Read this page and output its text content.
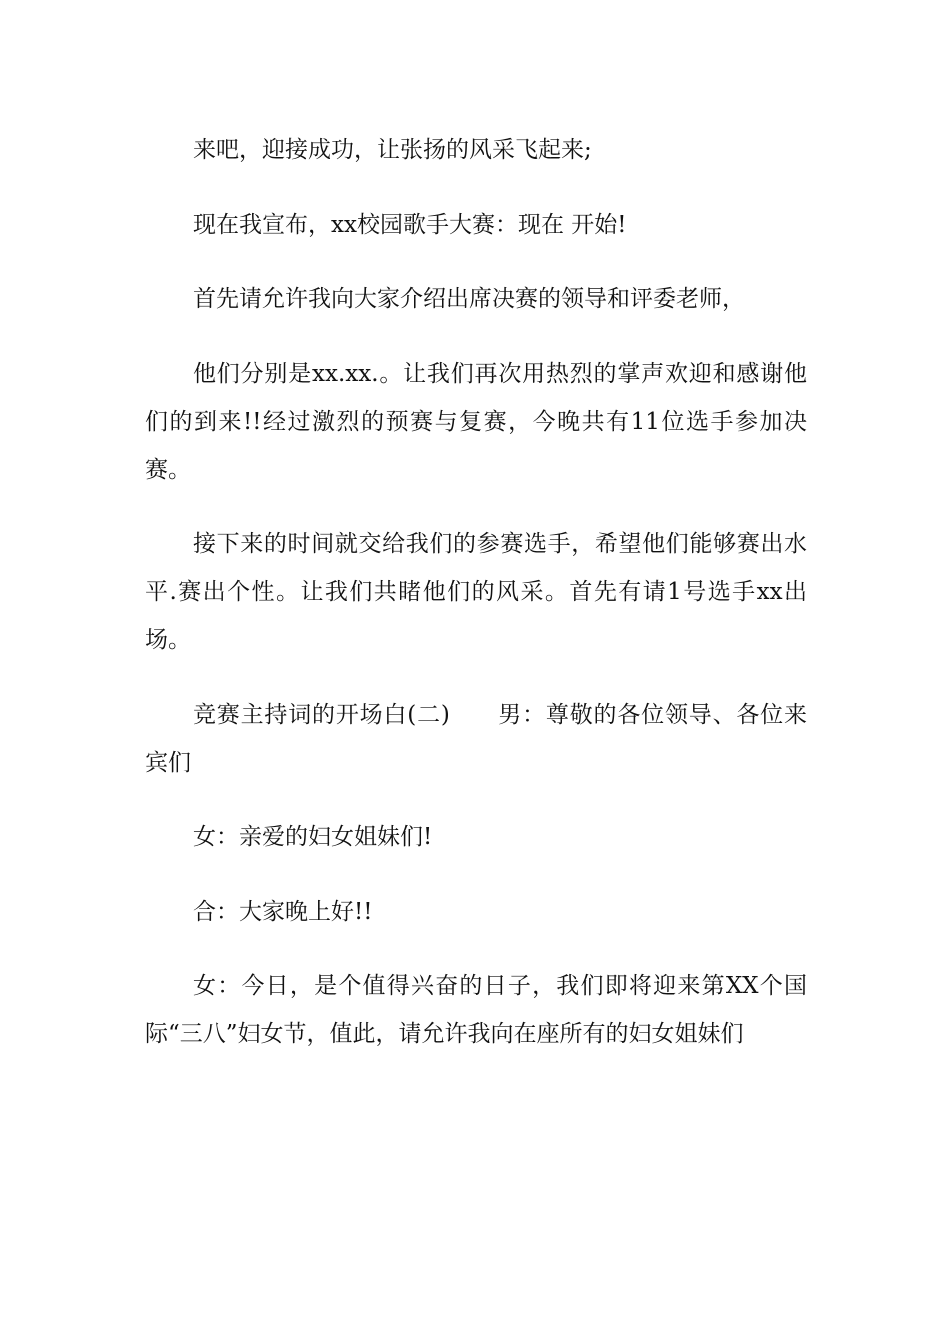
来吧，迎接成功，让张扬的风采飞起来;

现在我宣布，xx校园歌手大赛：现在 开始!

首先请允许我向大家介绍出席决赛的领导和评委老师，

他们分别是xx.xx.。让我们再次用热烈的掌声欢迎和感谢他们的到来!!经过激烈的预赛与复赛，今晚共有11位选手参加决赛。

接下来的时间就交给我们的参赛选手，希望他们能够赛出水平.赛出个性。让我们共睹他们的风采。首先有请1号选手xx出场。

竞赛主持词的开场白(二)　　男：尊敬的各位领导、各位来宾们

女：亲爱的妇女姐妹们!

合：大家晚上好!!

女：今日，是个值得兴奋的日子，我们即将迎来第XX个国际“三八”妇女节，值此，请允许我向在座所有的妇女姐妹们
